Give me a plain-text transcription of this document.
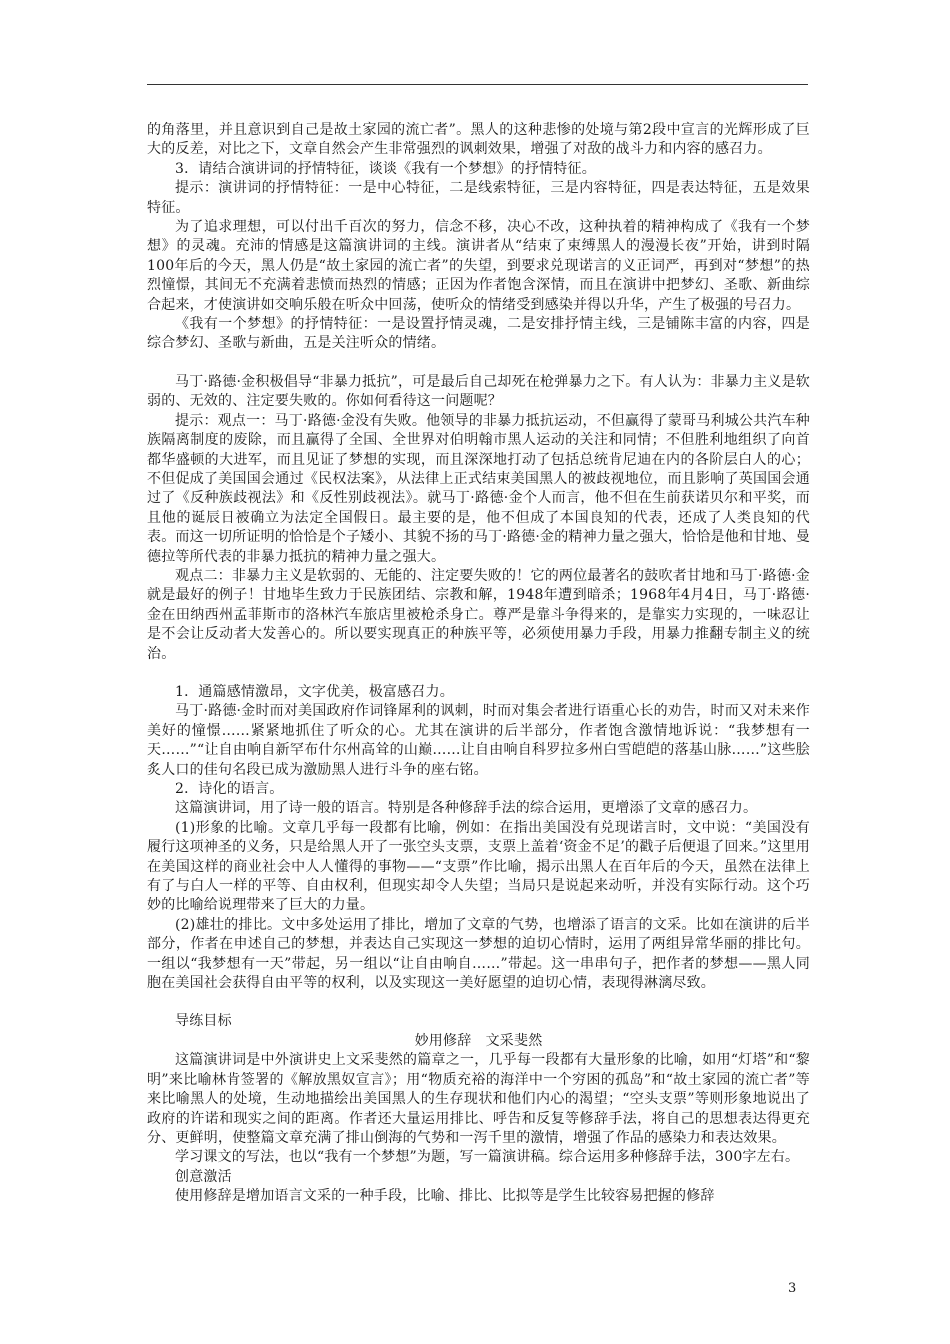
的角落里，并且意识到自己是故土家园的流亡者”。黑人的这种悲惨的处境与第2段中宣言的光辉形成了巨大的反差，对比之下，文章自然会产生非常强烈的讽刺效果，增强了对敌的战斗力和内容的感召力。

3．请结合演讲词的抒情特征，谈谈《我有一个梦想》的抒情特征。

提示：演讲词的抒情特征：一是中心特征，二是线索特征，三是内容特征，四是表达特征，五是效果特征。

为了追求理想，可以付出千百次的努力，信念不移，决心不改，这种执着的精神构成了《我有一个梦想》的灵魂。充沛的情感是这篇演讲词的主线。演讲者从“结束了束缚黑人的漫漫长夜”开始，讲到时隔100年后的今天，黑人仍是“故土家园的流亡者”的失望，到要求兑现诺言的义正词严，再到对“梦想”的热烈憧憬，其间无不充满着悲愤而热烈的情感；正因为作者饱含深情，而且在演讲中把梦幻、圣歌、新曲综合起来，才使演讲如交响乐般在听众中回荡，使听众的情绪受到感染并得以升华，产生了极强的号召力。

《我有一个梦想》的抒情特征：一是设置抒情灵魂，二是安排抒情主线，三是铺陈丰富的内容，四是综合梦幻、圣歌与新曲，五是关注听众的情绪。

马丁·路德·金积极倡导“非暴力抵抗”，可是最后自己却死在枪弹暴力之下。有人认为：非暴力主义是软弱的、无效的、注定要失败的。你如何看待这一问题呢？

提示：观点一：马丁·路德·金没有失败。他领导的非暴力抵抗运动，不但赢得了蒙哥马利城公共汽车种族隔离制度的废除，而且赢得了全国、全世界对伯明翰市黑人运动的关注和同情；不但胜利地组织了向首都华盛顿的大进军，而且见证了梦想的实现，而且深深地打动了包括总统肯尼迪在内的各阶层白人的心；不但促成了美国国会通过《民权法案》，从法律上正式结束美国黑人的被歧视地位，而且影响了英国国会通过了《反种族歧视法》和《反性别歧视法》。就马丁·路德·金个人而言，他不但在生前获诺贝尔和平奖，而且他的诞辰日被确立为法定全国假日。最主要的是，他不但成了本国良知的代表，还成了人类良知的代表。而这一切所证明的恰恰是个子矮小、其貌不扬的马丁·路德·金的精神力量之强大，恰恰是他和甘地、曼德拉等所代表的非暴力抵抗的精神力量之强大。

观点二：非暴力主义是软弱的、无能的、注定要失败的！它的两位最著名的鼓吹者甘地和马丁·路德·金就是最好的例子！甘地毕生致力于民族团结、宗教和解，1948年遭到暗杀；1968年4月4日，马丁·路德·金在田纳西州孟菲斯市的洛林汽车旅店里被枪杀身亡。尊严是靠斗争得来的，是靠实力实现的，一味忍让是不会让反动者大发善心的。所以要实现真正的种族平等，必须使用暴力手段，用暴力推翻专制主义的统治。

1．通篇感情激昂，文字优美，极富感召力。

马丁·路德·金时而对美国政府作词锋犀利的讽刺，时而对集会者进行语重心长的劝告，时而又对未来作美好的憧憬……紧紧地抓住了听众的心。尤其在演讲的后半部分，作者饱含激情地诉说：“我梦想有一天……”“让自由响自新罕布什尔州高耸的山巅……让自由响自科罗拉多州白雪皑皑的落基山脉……”这些脍炙人口的佳句名段已成为激励黑人进行斗争的座右铭。

2．诗化的语言。

这篇演讲词，用了诗一般的语言。特别是各种修辞手法的综合运用，更增添了文章的感召力。

(1)形象的比喻。文章几乎每一段都有比喻，例如：在指出美国没有兑现诺言时，文中说：“美国没有履行这项神圣的义务，只是给黑人开了一张空头支票，支票上盖着‘资金不足’的戳子后便退了回来。”这里用在美国这样的商业社会中人人懂得的事物——“支票”作比喻，揭示出黑人在百年后的今天，虽然在法律上有了与白人一样的平等、自由权利，但现实却令人失望；当局只是说起来动听，并没有实际行动。这个巧妙的比喻给说理带来了巨大的力量。

(2)雄壮的排比。文中多处运用了排比，增加了文章的气势，也增添了语言的文采。比如在演讲的后半部分，作者在申述自己的梦想，并表达自己实现这一梦想的迫切心情时，运用了两组异常华丽的排比句。一组以“我梦想有一天”带起，另一组以“让自由响自……”带起。这一串串句子，把作者的梦想——黑人同胞在美国社会获得自由平等的权利，以及实现这一美好愿望的迫切心情，表现得淋漓尽致。

导练目标

妙用修辞　文采斐然

这篇演讲词是中外演讲史上文采斐然的篇章之一，几乎每一段都有大量形象的比喻，如用“灯塔”和“黎明”来比喻林肯签署的《解放黑奴宣言》；用“物质充裕的海洋中一个穷困的孤岛”和“故土家园的流亡者”等来比喻黑人的处境，生动地描绘出美国黑人的生存现状和他们内心的渴望；“空头支票”等则形象地说出了政府的许诺和现实之间的距离。作者还大量运用排比、呼告和反复等修辞手法，将自己的思想表达得更充分、更鲜明，使整篇文章充满了排山倒海的气势和一泻千里的激情，增强了作品的感染力和表达效果。

学习课文的写法，也以“我有一个梦想”为题，写一篇演讲稿。综合运用多种修辞手法，300字左右。

创意激活

使用修辞是增加语言文采的一种手段，比喻、排比、比拟等是学生比较容易把握的修辞

3
